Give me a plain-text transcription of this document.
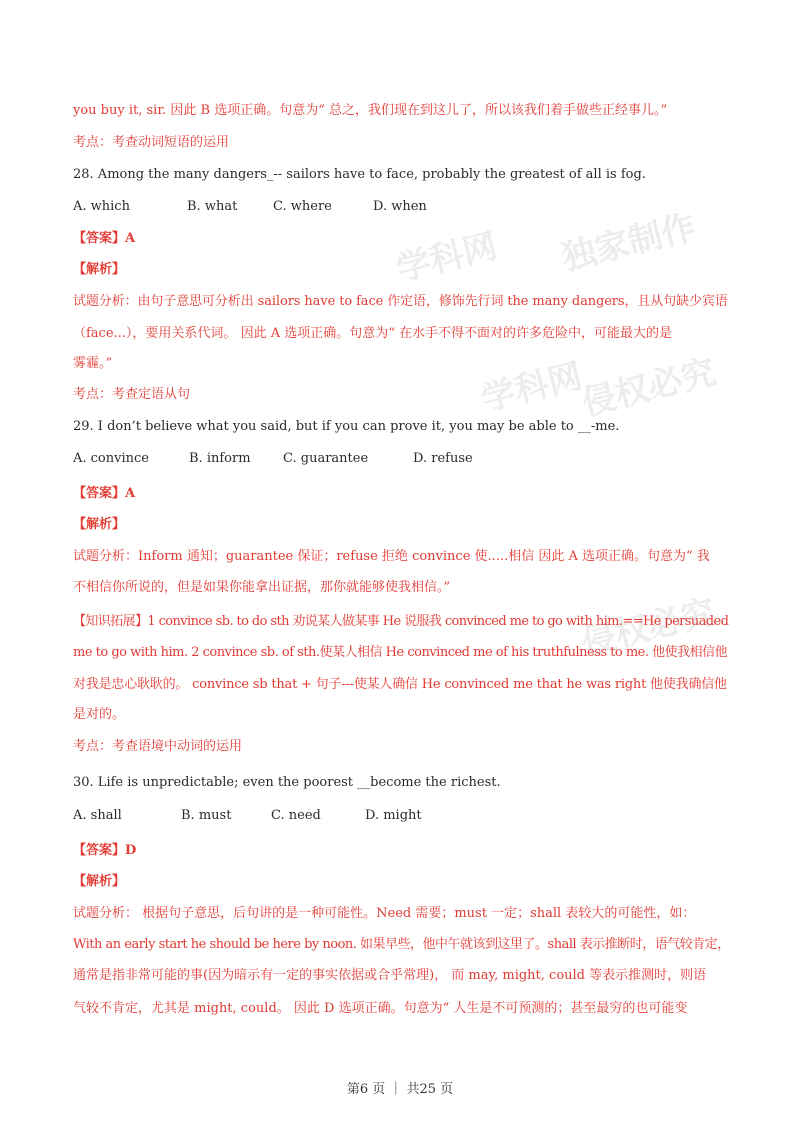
学科网 独家制作
侵权必究
学科网
侵权必究
you buy it, sir. 因此 B 选项正确。句意为“ 总之，我们现在到这儿了，所以该我们着手做些正经事儿。”
考点：考查动词短语的运用
28. Among the many dangers_-- sailors have to face, probably the greatest of all is fog.
A. which	B. what	C. where	D. when
【答案】A
【解析】
试题分析：由句子意思可分析出 sailors have to face 作定语，修饰先行词 the many dangers，且从句缺少宾语
（face...），要用关系代词。 因此 A 选项正确。句意为“ 在水手不得不面对的许多危险中，可能最大的是
雾霾。”
考点：考查定语从句
29. I don’t believe what you said, but if you can prove it, you may be able to __-me.
A. convince	B. inform C. guarantee	D. refuse
【答案】A
【解析】
试题分析：Inform 通知；guarantee 保证；refuse 拒绝 convince 使.....相信 因此 A 选项正确。句意为“ 我
不相信你所说的，但是如果你能拿出证据，那你就能够使我相信。”
【知识拓展】1 convince sb. to do sth 劝说某人做某事 He 说服我 convinced me to go with him.==He persuaded
me to go with him. 2 convince sb. of sth.使某人相信 He convinced me of his truthfulness to me. 他使我相信他
对我是忠心耿耿的。 convince sb that + 句子---使某人确信 He convinced me that he was right 他使我确信他
是对的。
考点：考查语境中动词的运用
30. Life is unpredictable; even the poorest __become the richest.
A. shall	B. must	C. need	D. might
【答案】D
【解析】
试题分析： 根据句子意思，后句讲的是一种可能性。Need 需要；must 一定；shall 表较大的可能性，如：
With an early start he should be here by noon. 如果早些，他中午就该到这里了。shall 表示推断时，语气较肯定，
通常是指非常可能的事(因为暗示有一定的事实依据或合乎常理)， 而 may, might, could 等表示推测时，则语
气较不肯定，尤其是 might, could。 因此 D 选项正确。句意为“ 人生是不可预测的；甚至最穷的也可能变
第6 页 ｜ 共25 页
